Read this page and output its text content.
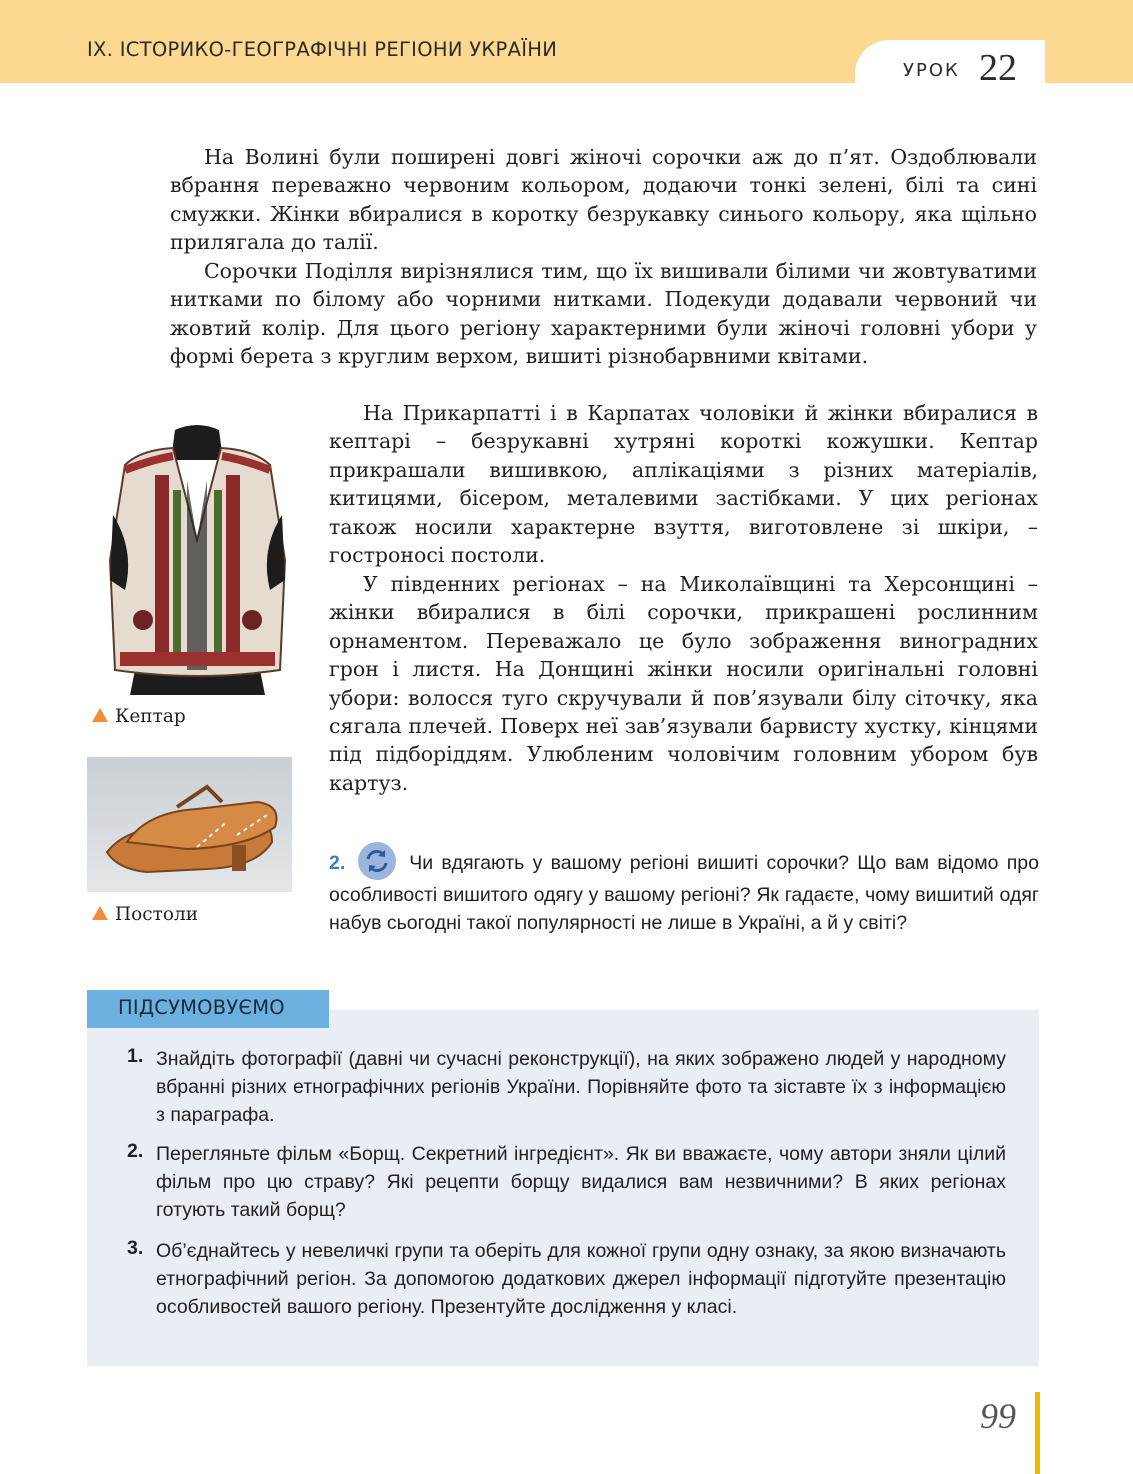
IX. ІСТОРИКО-ГЕОГРАФІЧНІ РЕГІОНИ УКРАЇНИ
УРОК 22

На Волині були поширені довгі жіночі сорочки аж до п’ят. Оздоблювали вбрання переважно червоним кольором, додаючи тонкі зелені, білі та сині смужки. Жінки вбиралися в коротку безрукавку синього кольору, яка щільно прилягала до талії.

Сорочки Поділля вирізнялися тим, що їх вишивали білими чи жовтуватими нитками по білому або чорними нитками. Подекуди додавали червоний чи жовтий колір. Для цього регіону характерними були жіночі головні убори у формі берета з круглим верхом, вишиті різнобарвними квітами.

На Прикарпатті і в Карпатах чоловіки й жінки вбиралися в кептарі – безрукавні хутряні короткі кожушки. Кептар прикрашали вишивкою, аплікаціями з різних матеріалів, китицями, бісером, металевими застібками. У цих регіонах також носили характерне взуття, виготовлене зі шкіри, – гостроносі постоли.

У південних регіонах – на Миколаївщині та Херсонщині – жінки вбиралися в білі сорочки, прикрашені рослинним орнаментом. Переважало це було зображення виноградних грон і листя. На Донщині жінки носили оригінальні головні убори: волосся туго скручували й пов’язували білу сіточку, яка сягала плечей. Поверх неї зав’язували барвисту хустку, кінцями під підборіддям. Улюбленим чоловічим головним убором був картуз.

Кептар
Постоли

2.	Чи вдягають у вашому регіоні вишиті сорочки? Що вам відомо про особливості вишитого одягу у вашому регіоні? Як гадаєте, чому вишитий одяг набув сьогодні такої популярності не лише в Україні, а й у світі?

ПІДСУМОВУЄМО
1. Знайдіть фотографії (давні чи сучасні реконструкції), на яких зображено людей у народному вбранні різних етнографічних регіонів України. Порівняйте фото та зіставте їх з інформацією з параграфа.

2. Перегляньте фільм «Борщ. Секретний інгредієнт». Як ви вважаєте, чому автори зняли цілий фільм про цю страву? Які рецепти борщу видалися вам незвичними? В яких регіонах готують такий борщ?

3. Об’єднайтесь у невеличкі групи та оберіть для кожної групи одну ознаку, за якою визначають етнографічний регіон. За допомогою додаткових джерел інформації підготуйте презентацію особливостей вашого регіону. Презентуйте дослідження у класі.

99
